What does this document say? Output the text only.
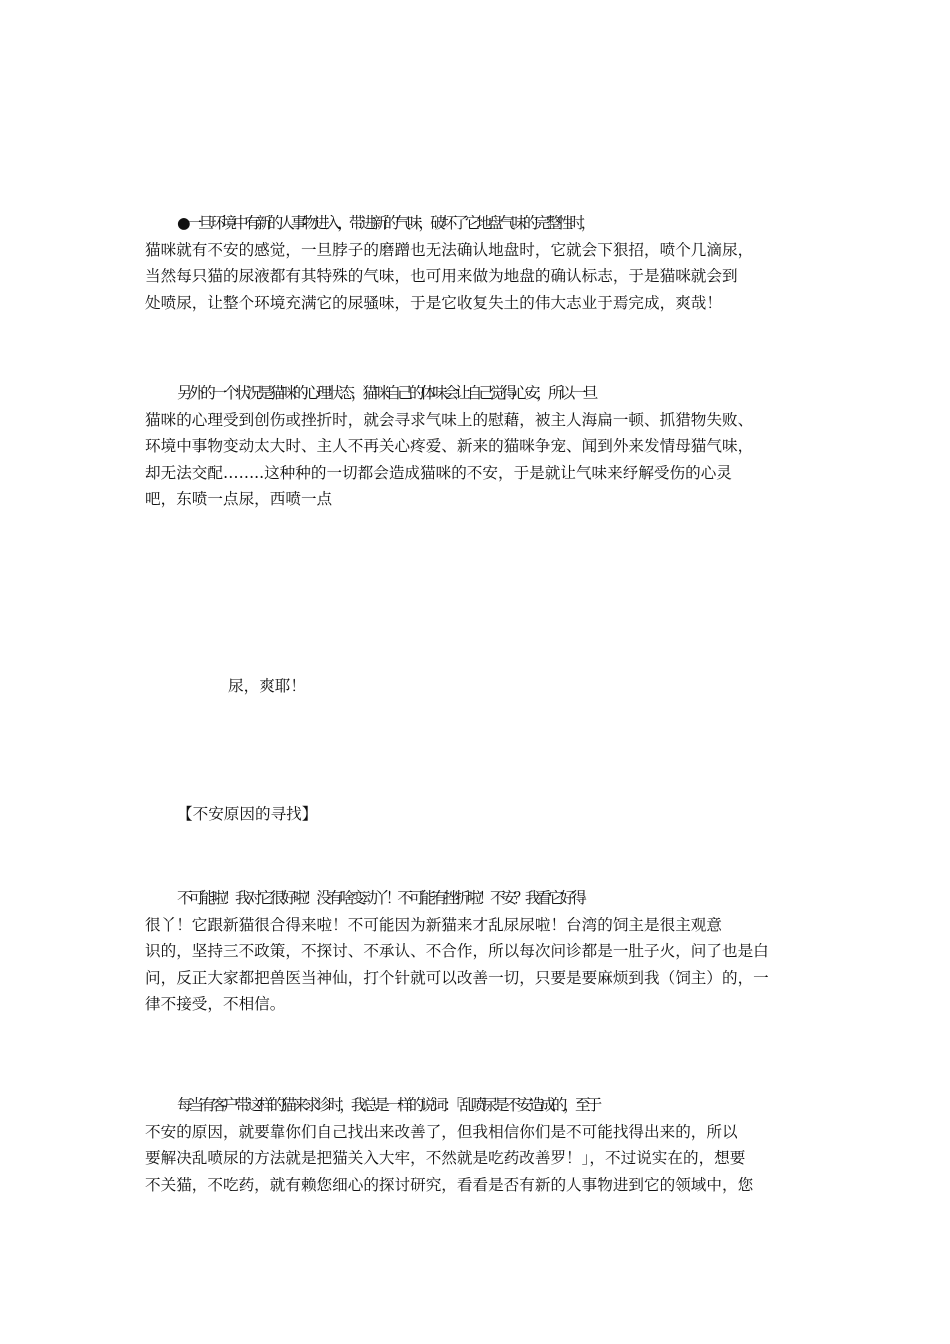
●一旦环境中有新的人事物进入，带进新的气味，破坏了它地盘气味的完整性时，
猫咪就有不安的感觉，一旦脖子的磨蹭也无法确认地盘时，它就会下狠招，喷个几滴尿，
当然每只猫的尿液都有其特殊的气味，也可用来做为地盘的确认标志，于是猫咪就会到
处喷尿，让整个环境充满它的尿骚味，于是它收复失土的伟大志业于焉完成，爽哉！

另外的一个状况是猫咪的心理状态，猫咪自己的体味会让自己觉得心安，所以一旦
猫咪的心理受到创伤或挫折时，就会寻求气味上的慰藉，被主人海扁一顿、抓猎物失败、
环境中事物变动太大时、主人不再关心疼爱、新来的猫咪争宠、闻到外来发情母猫气味，
却无法交配……..这种种的一切都会造成猫咪的不安，于是就让气味来纾解受伤的心灵
吧，东喷一点尿，西喷一点

尿，爽耶！

【不安原因的寻找】

不可能啦！我对它很好啦！没有啥变动丫！不可能有挫折啦！不安？我看它好得
很丫！它跟新猫很合得来啦！不可能因为新猫来才乱尿尿啦！台湾的饲主是很主观意
识的，坚持三不政策，不探讨、不承认、不合作，所以每次问诊都是一肚子火，问了也是白
问，反正大家都把兽医当神仙，打个针就可以改善一切，只要是要麻烦到我（饲主）的，一
律不接受，不相信。

每当有客户带这样的猫来求诊时，我总是一样的说词：「乱喷尿是不安造成的，至于
不安的原因，就要靠你们自己找出来改善了，但我相信你们是不可能找得出来的，所以
要解决乱喷尿的方法就是把猫关入大牢，不然就是吃药改善罗！」，不过说实在的，想要
不关猫，不吃药，就有赖您细心的探讨研究，看看是否有新的人事物进到它的领域中，您
